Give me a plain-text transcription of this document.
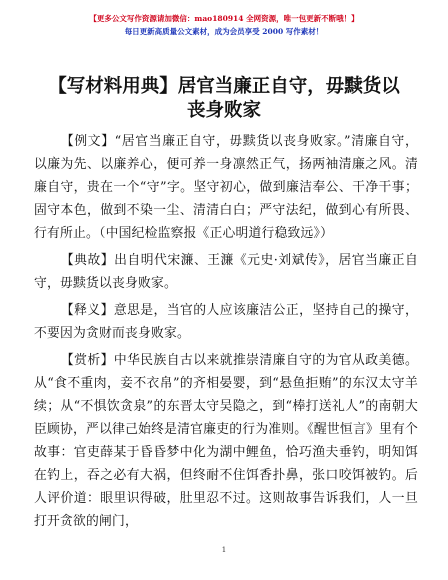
【更多公文写作资源请加微信：mao180914 全网资源，唯一包更新不断哦！】
每日更新高质量公文素材，成为会员享受 2000 写作素材！
【写材料用典】居官当廉正自守，毋黩货以丧身败家

【例文】“居官当廉正自守，毋黩货以丧身败家。”清廉自守，以廉为先、以廉养心，便可养一身凛然正气，扬两袖清廉之风。清廉自守，贵在一个“守”字。坚守初心，做到廉洁奉公、干净干事；固守本色，做到不染一尘、清清白白；严守法纪，做到心有所畏、行有所止。（中国纪检监察报《正心明道行稳致远》）

【典故】出自明代宋濂、王濂《元史·刘斌传》，居官当廉正自守，毋黩货以丧身败家。

【释义】意思是，当官的人应该廉洁公正，坚持自己的操守，不要因为贪财而丧身败家。

【赏析】中华民族自古以来就推崇清廉自守的为官从政美德。从“食不重肉，妾不衣帛”的齐相晏婴，到“悬鱼拒贿”的东汉太守羊续；从“不惧饮贪泉”的东晋太守吴隐之，到“棒打送礼人”的南朝大臣顾协，严以律己始终是清官廉吏的行为准则。《醒世恒言》里有个故事：官吏薛某于昏昏梦中化为湖中鲤鱼，恰巧渔夫垂钓，明知饵在钓上，吞之必有大祸，但终耐不住饵香扑鼻，张口咬饵被钓。后人评价道：眼里识得破，肚里忍不过。这则故事告诉我们，人一旦打开贪欲的闸门，

1
